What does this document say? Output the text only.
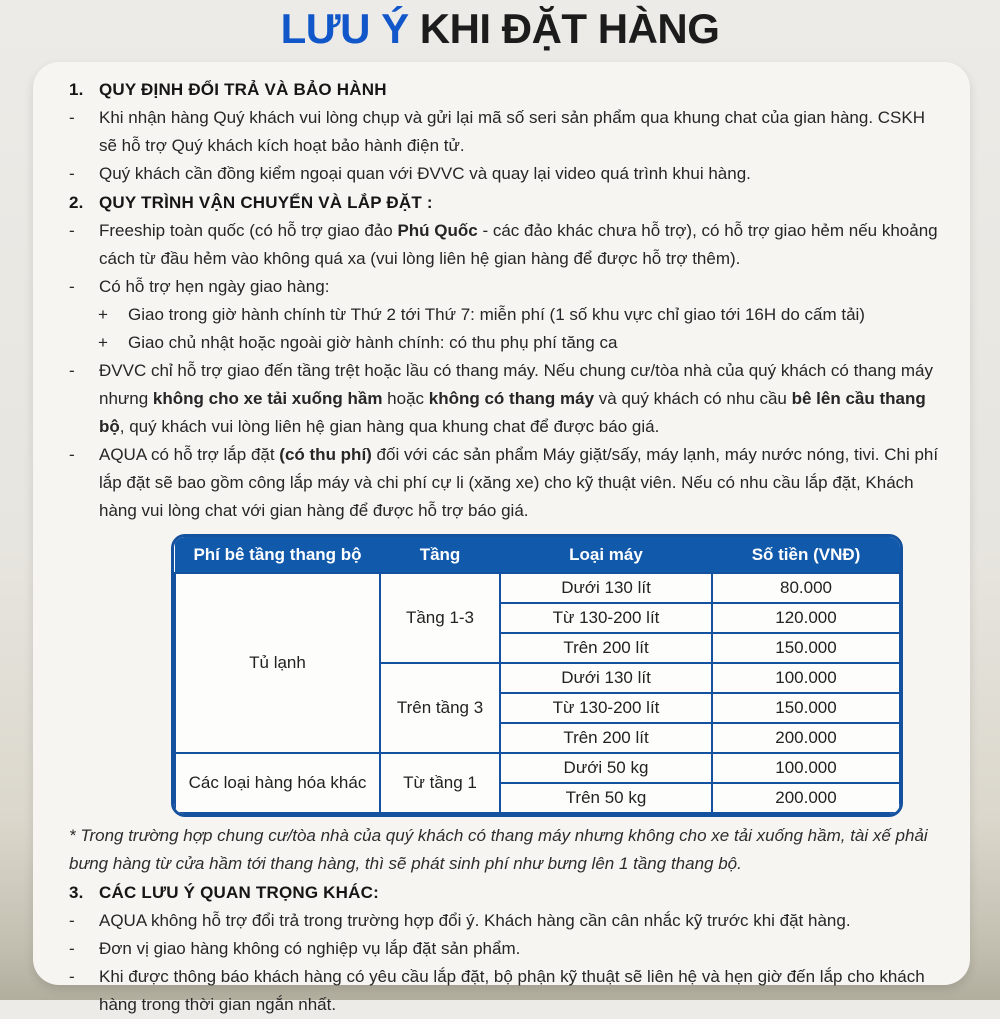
LƯU Ý KHI ĐẶT HÀNG
1. QUY ĐỊNH ĐỔI TRẢ VÀ BẢO HÀNH
-	Khi nhận hàng Quý khách vui lòng chụp và gửi lại mã số seri sản phẩm qua khung chat của gian hàng. CSKH sẽ hỗ trợ Quý khách kích hoạt bảo hành điện tử.
-	Quý khách cần đồng kiểm ngoại quan với ĐVVC và quay lại video quá trình khui hàng.
2. QUY TRÌNH VẬN CHUYỂN VÀ LẮP ĐẶT :
-	Freeship toàn quốc (có hỗ trợ giao đảo Phú Quốc - các đảo khác chưa hỗ trợ), có hỗ trợ giao hẻm nếu khoảng cách từ đầu hẻm vào không quá xa (vui lòng liên hệ gian hàng để được hỗ trợ thêm).
-	Có hỗ trợ hẹn ngày giao hàng:
+	Giao trong giờ hành chính từ Thứ 2 tới Thứ 7: miễn phí (1 số khu vực chỉ giao tới 16H do cấm tải)
+	Giao chủ nhật hoặc ngoài giờ hành chính: có thu phụ phí tăng ca
-	ĐVVC chỉ hỗ trợ giao đến tầng trệt hoặc lầu có thang máy. Nếu chung cư/tòa nhà của quý khách có thang máy nhưng không cho xe tải xuống hầm hoặc không có thang máy và quý khách có nhu cầu bê lên cầu thang bộ, quý khách vui lòng liên hệ gian hàng qua khung chat để được báo giá.
-	AQUA có hỗ trợ lắp đặt (có thu phí) đối với các sản phẩm Máy giặt/sấy, máy lạnh, máy nước nóng, tivi. Chi phí lắp đặt sẽ bao gồm công lắp máy và chi phí cự li (xăng xe) cho kỹ thuật viên. Nếu có nhu cầu lắp đặt, Khách hàng vui lòng chat với gian hàng để được hỗ trợ báo giá.
Phí bê tầng thang bộ	Tầng	Loại máy	Số tiền (VNĐ)
Tủ lạnh	Tầng 1-3	Dưới 130 lít	80.000
		Từ 130-200 lít	120.000
		Trên 200 lít	150.000
	Trên tầng 3	Dưới 130 lít	100.000
		Từ 130-200 lít	150.000
		Trên 200 lít	200.000
Các loại hàng hóa khác	Từ tầng 1	Dưới 50 kg	100.000
		Trên 50 kg	200.000
* Trong trường hợp chung cư/tòa nhà của quý khách có thang máy nhưng không cho xe tải xuống hầm, tài xế phải bưng hàng từ cửa hầm tới thang hàng, thì sẽ phát sinh phí như bưng lên 1 tầng thang bộ.
3. CÁC LƯU Ý QUAN TRỌNG KHÁC:
-	AQUA không hỗ trợ đổi trả trong trường hợp đổi ý. Khách hàng cần cân nhắc kỹ trước khi đặt hàng.
-	Đơn vị giao hàng không có nghiệp vụ lắp đặt sản phẩm.
-	Khi được thông báo khách hàng có yêu cầu lắp đặt, bộ phận kỹ thuật sẽ liên hệ và hẹn giờ đến lắp cho khách hàng trong thời gian ngắn nhất.
